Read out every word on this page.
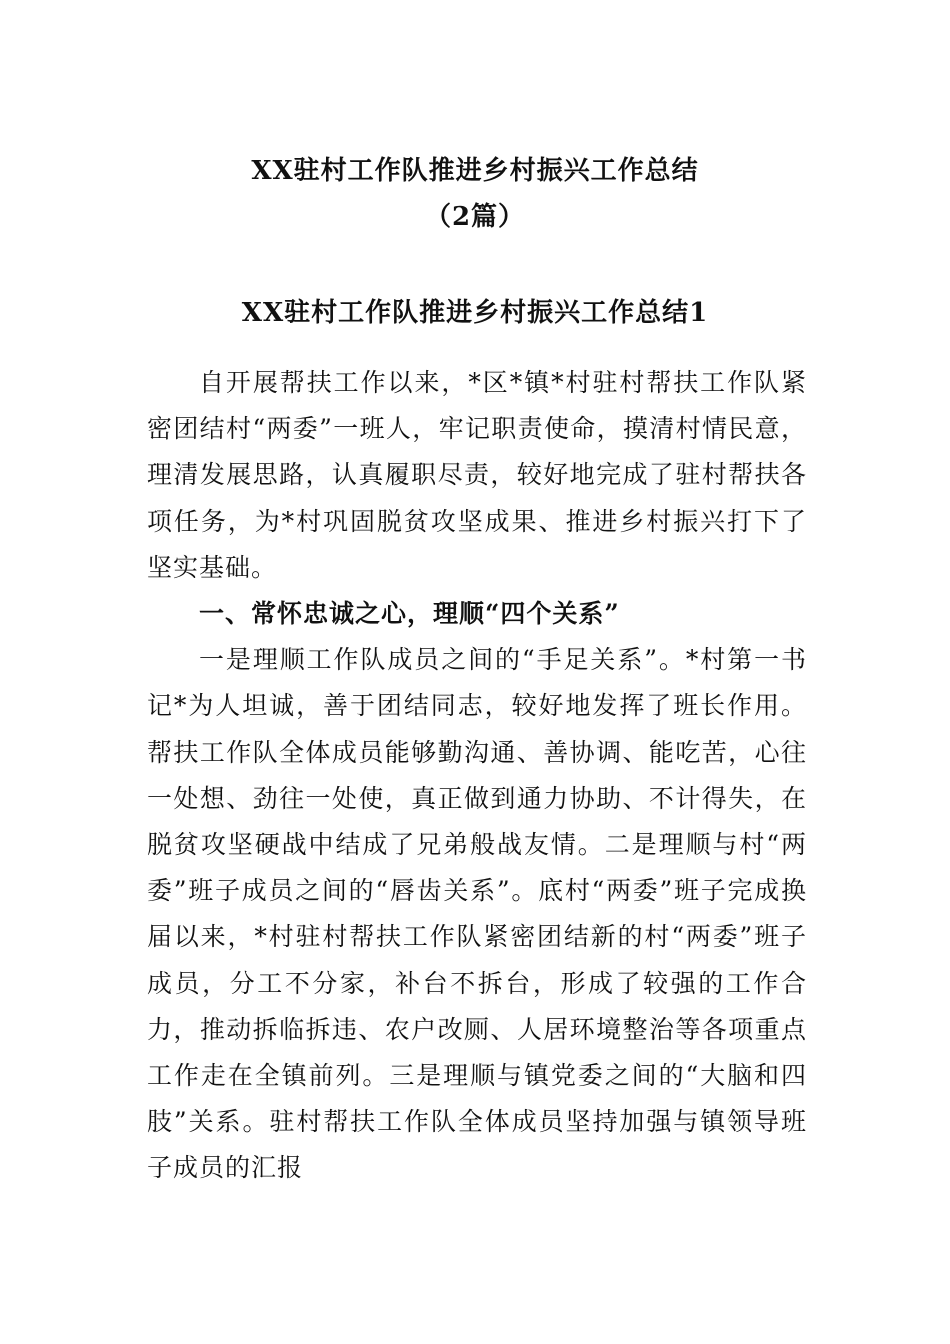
XX驻村工作队推进乡村振兴工作总结
（2篇）
XX驻村工作队推进乡村振兴工作总结1

自开展帮扶工作以来，*区*镇*村驻村帮扶工作队紧密团结村“两委”一班人，牢记职责使命，摸清村情民意，理清发展思路，认真履职尽责，较好地完成了驻村帮扶各项任务，为*村巩固脱贫攻坚成果、推进乡村振兴打下了坚实基础。

一、常怀忠诚之心，理顺“四个关系”

一是理顺工作队成员之间的“手足关系”。*村第一书记*为人坦诚，善于团结同志，较好地发挥了班长作用。帮扶工作队全体成员能够勤沟通、善协调、能吃苦，心往一处想、劲往一处使，真正做到通力协助、不计得失，在脱贫攻坚硬战中结成了兄弟般战友情。二是理顺与村“两委”班子成员之间的“唇齿关系”。底村“两委”班子完成换届以来，*村驻村帮扶工作队紧密团结新的村“两委”班子成员，分工不分家，补台不拆台，形成了较强的工作合力，推动拆临拆违、农户改厕、人居环境整治等各项重点工作走在全镇前列。三是理顺与镇党委之间的“大脑和四肢”关系。驻村帮扶工作队全体成员坚持加强与镇领导班子成员的汇报
